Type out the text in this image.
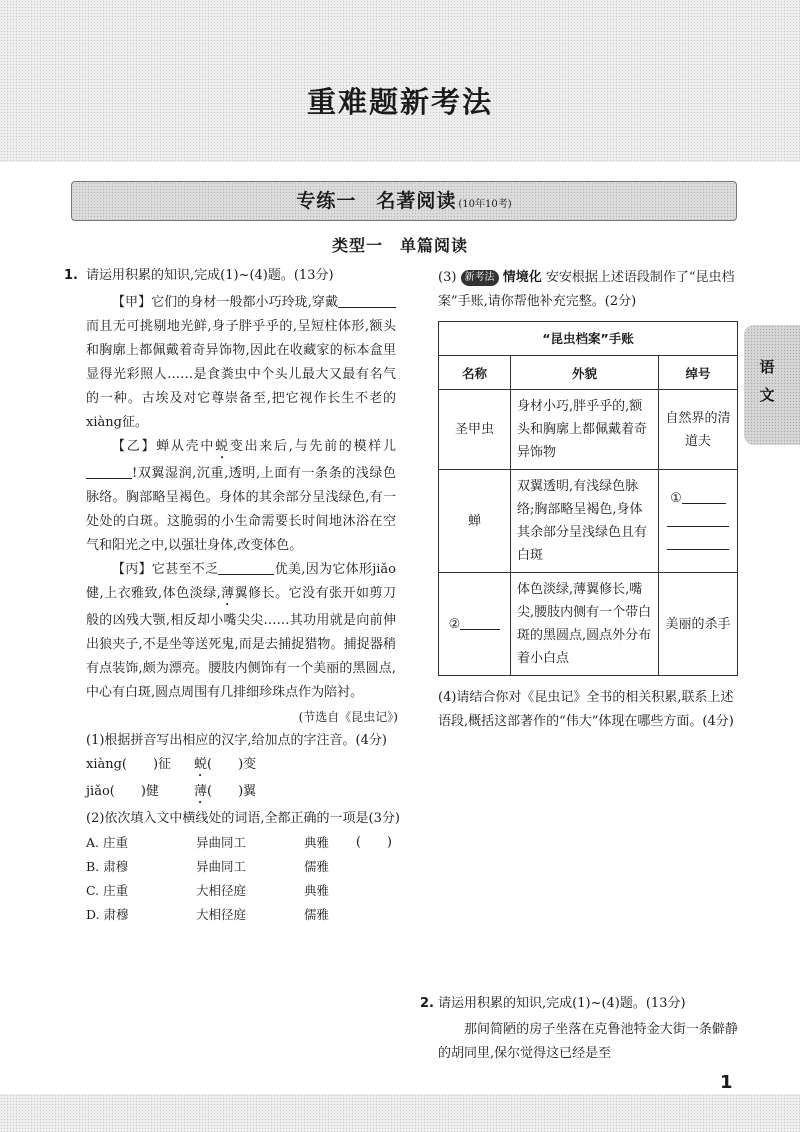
重难题新考法
专练一　名著阅读 (10年10考)
类型一　单篇阅读
语文
1. 请运用积累的知识,完成(1)~(4)题。(13分)

【甲】它们的身材一般都小巧玲珑,穿戴而且无可挑剔地光鲜,身子胖乎乎的,呈短柱体形,额头和胸廓上都佩戴着奇异饰物,因此在收藏家的标本盒里显得光彩照人……是食粪虫中个头儿最大又最有名气的一种。古埃及对它尊崇备至,把它视作长生不老的xiàng征。

【乙】蝉从壳中蜕变出来后,与先前的模样儿!双翼湿润,沉重,透明,上面有一条条的浅绿色脉络。胸部略呈褐色。身体的其余部分呈浅绿色,有一处处的白斑。这脆弱的小生命需要长时间地沐浴在空气和阳光之中,以强壮身体,改变体色。

【丙】它甚至不乏	优美,因为它体形jiǎo健,上衣雅致,体色淡绿,薄翼修长。它没有张开如剪刀般的凶残大颚,相反却小嘴尖尖……其功用就是向前伸出狼夹子,不是坐等送死鬼,而是去捕捉猎物。捕捉器稍有点装饰,颇为漂亮。腰肢内侧饰有一个美丽的黑圆点,中心有白斑,圆点周围有几排细珍珠点作为陪衬。

(节选自《昆虫记》)
(1)根据拼音写出相应的汉字,给加点的字注音。(4分)
xiàng(　　)征 蜕(　　)变
jiǎo(　　)健	薄(　　)翼
(2)依次填入文中横线处的词语,全都正确的一项是(3分)
(　　)
A. 庄重	异曲同工	典雅
B. 肃穆	异曲同工	儒雅
C. 庄重	大相径庭	典雅
D. 肃穆	大相径庭	儒雅
(3) 新考法 情境化 安安根据上述语段制作了“昆虫档案”手账,请你帮他补充完整。(2分)
“昆虫档案”手账		
名称	外貌	绰号
圣甲虫	身材小巧,胖乎乎的,额头和胸廓上都佩戴着奇异饰物	自然界的清道夫
蝉	双翼透明,有浅绿色脉络;胸部略呈褐色,身体其余部分呈浅绿色且有白斑	①

②	体色淡绿,薄翼修长,嘴尖,腰肢内侧有一个带白斑的黑圆点,圆点外分布着小白点	美丽的杀手
(4)请结合你对《昆虫记》全书的相关积累,联系上述语段,概括这部著作的“伟大”体现在哪些方面。(4分)
2. 请运用积累的知识,完成(1)~(4)题。(13分)

那间简陋的房子坐落在克鲁池特金大街一条僻静的胡同里,保尔觉得这已经是至

1
